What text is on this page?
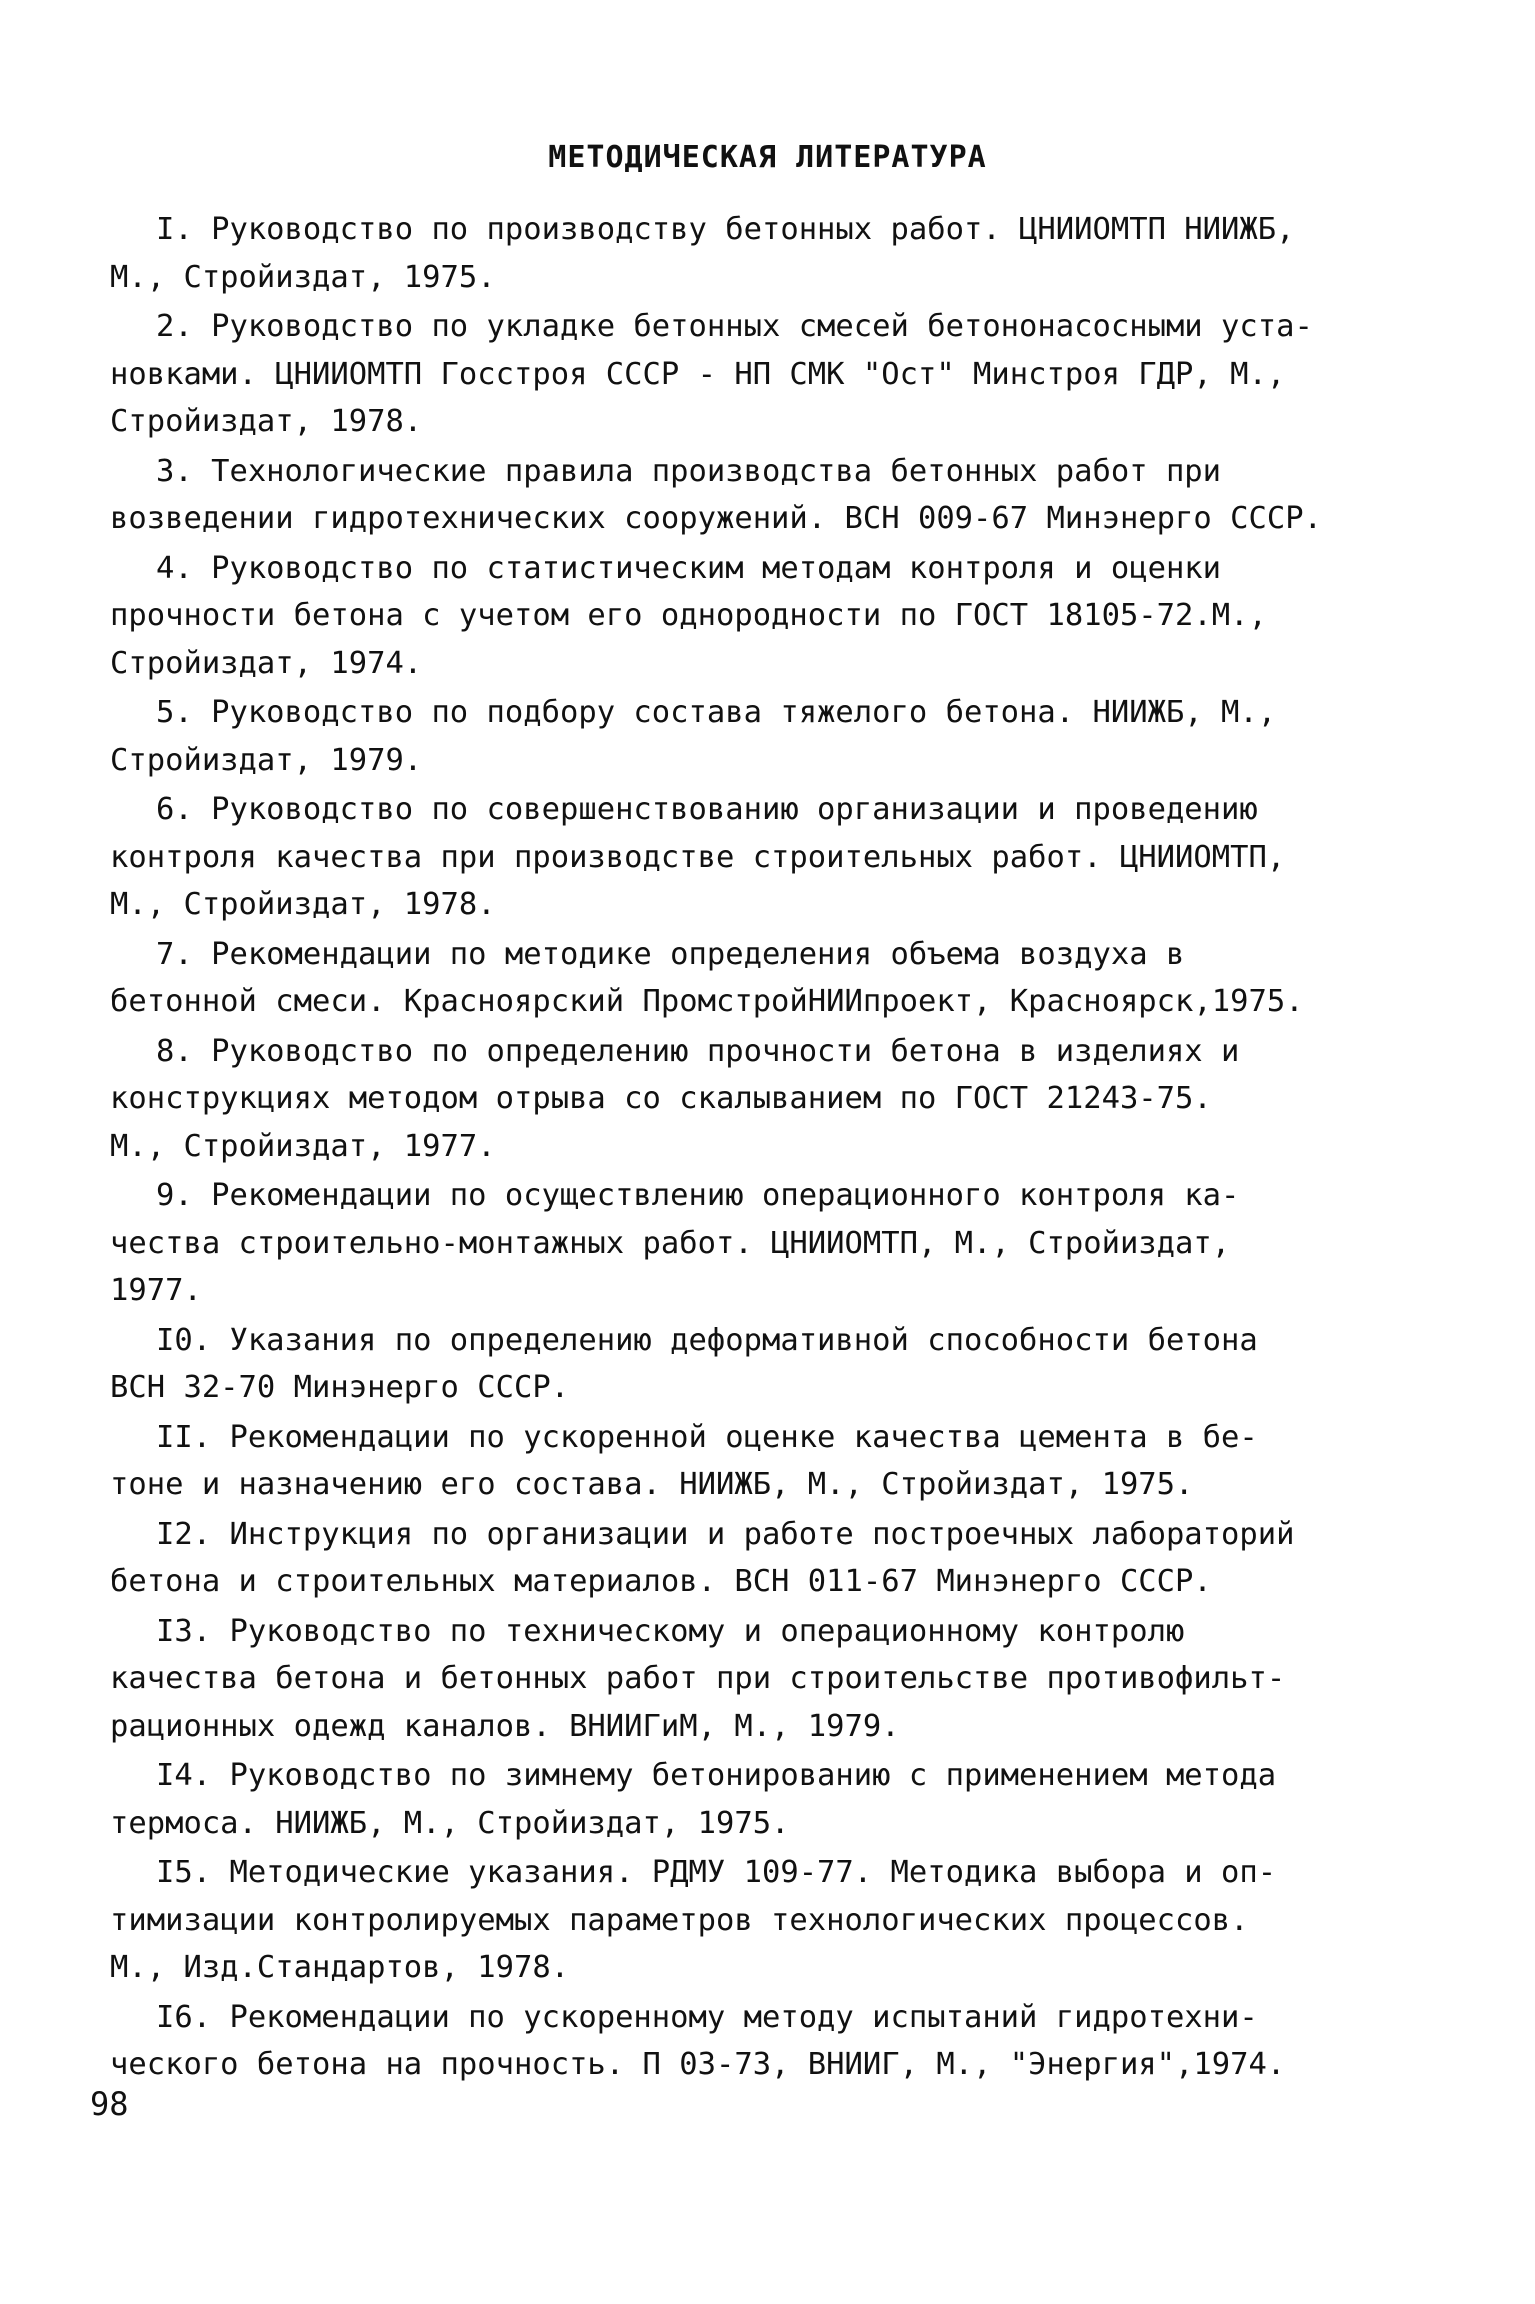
МЕТОДИЧЕСКАЯ ЛИТЕРАТУРА
I. Руководство по производству бетонных работ. ЦНИИОМТП НИИЖБ,
М., Стройиздат, 1975.
2. Руководство по укладке бетонных смесей бетононасосными уста-
новками. ЦНИИОМТП Госстроя СССР - НП СМК "Ост" Минстроя ГДР, М.,
Стройиздат, 1978.
3. Технологические правила производства бетонных работ при
возведении гидротехнических сооружений. ВСН 009-67 Минэнерго СССР.
4. Руководство по статистическим методам контроля и оценки
прочности бетона с учетом его однородности по ГОСТ 18105-72.М.,
Стройиздат, 1974.
5. Руководство по подбору состава тяжелого бетона. НИИЖБ, М.,
Стройиздат, 1979.
6. Руководство по совершенствованию организации и проведению
контроля качества при производстве строительных работ. ЦНИИОМТП,
М., Стройиздат, 1978.
7. Рекомендации по методике определения объема воздуха в
бетонной смеси. Красноярский ПромстройНИИпроект, Красноярск,1975.
8. Руководство по определению прочности бетона в изделиях и
конструкциях методом отрыва со скалыванием по ГОСТ 21243-75.
М., Стройиздат, 1977.
9. Рекомендации по осуществлению операционного контроля ка-
чества строительно-монтажных работ. ЦНИИОМТП, М., Стройиздат,
1977.
I0. Указания по определению деформативной способности бетона
ВСН 32-70 Минэнерго СССР.
II. Рекомендации по ускоренной оценке качества цемента в бе-
тоне и назначению его состава. НИИЖБ, М., Стройиздат, 1975.
I2. Инструкция по организации и работе построечных лабораторий
бетона и строительных материалов. ВСН 011-67 Минэнерго СССР.
I3. Руководство по техническому и операционному контролю
качества бетона и бетонных работ при строительстве противофильт-
рационных одежд каналов. ВНИИГиМ, М., 1979.
I4. Руководство по зимнему бетонированию с применением метода
термоса. НИИЖБ, М., Стройиздат, 1975.
I5. Методические указания. РДМУ 109-77. Методика выбора и оп-
тимизации контролируемых параметров технологических процессов.
М., Изд.Стандартов, 1978.
I6. Рекомендации по ускоренному методу испытаний гидротехни-
ческого бетона на прочность. П 03-73, ВНИИГ, М., "Энергия",1974.
98
